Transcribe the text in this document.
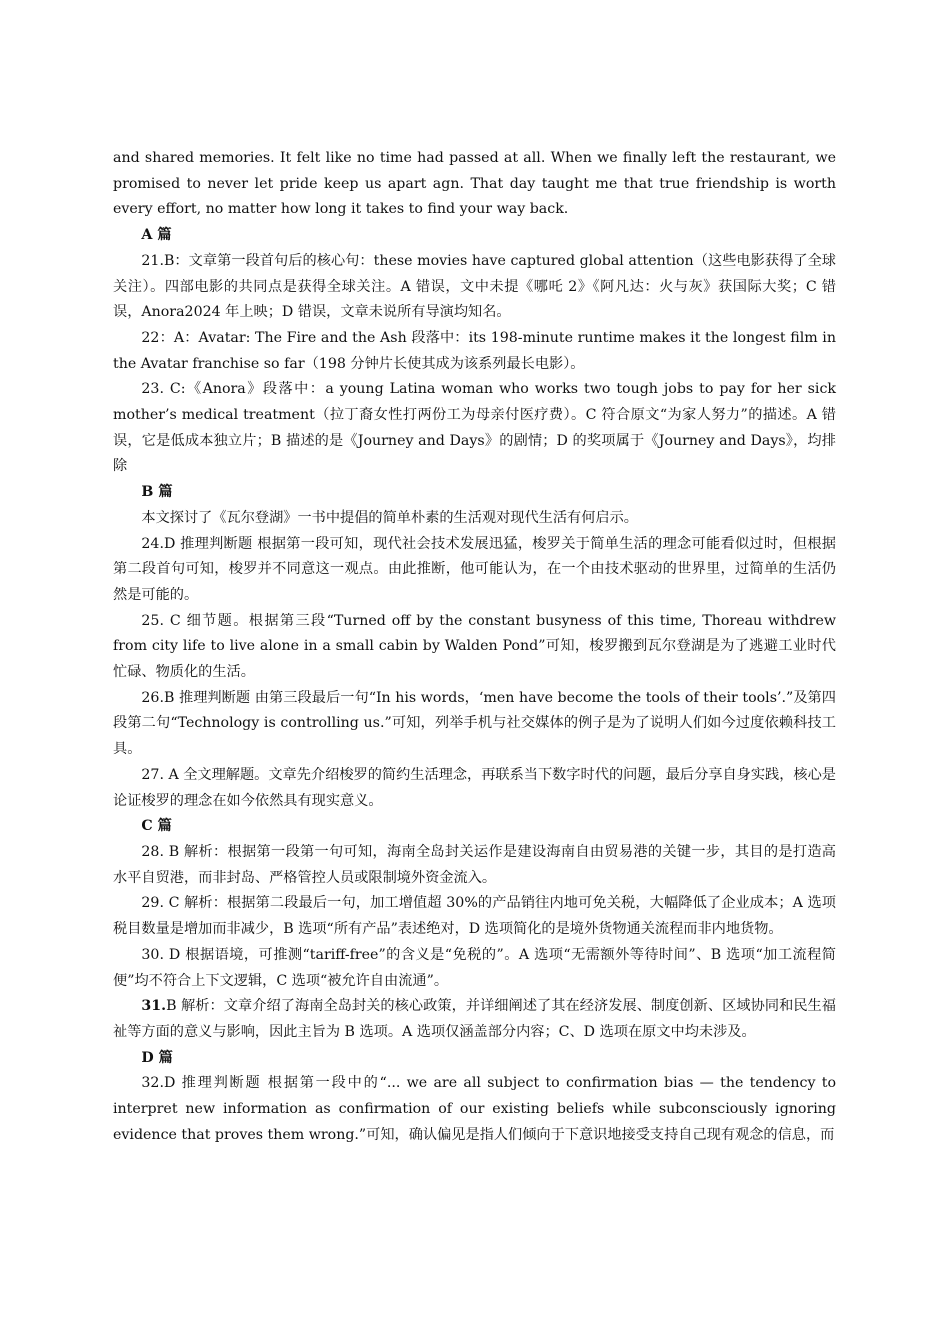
and shared memories. It felt like no time had passed at all. When we finally left the restaurant, we promised to never let pride keep us apart agn. That day taught me that true friendship is worth every effort, no matter how long it takes to find your way back.

A 篇

21.B：文章第一段首句后的核心句：these movies have captured global attention（这些电影获得了全球关注）。四部电影的共同点是获得全球关注。A 错误，文中未提《哪吒 2》《阿凡达：火与灰》获国际大奖；C 错误，Anora2024 年上映；D 错误，文章未说所有导演均知名。

22：A：Avatar: The Fire and the Ash 段落中：its 198-minute runtime makes it the longest film in the Avatar franchise so far（198 分钟片长使其成为该系列最长电影）。

23. C:《Anora》段落中：a young Latina woman who works two tough jobs to pay for her sick mother’s medical treatment（拉丁裔女性打两份工为母亲付医疗费）。C 符合原文“为家人努力”的描述。A 错误，它是低成本独立片；B 描述的是《Journey and Days》的剧情；D 的奖项属于《Journey and Days》，均排除

B 篇

本文探讨了《瓦尔登湖》一书中提倡的简单朴素的生活观对现代生活有何启示。

24.D 推理判断题 根据第一段可知，现代社会技术发展迅猛，梭罗关于简单生活的理念可能看似过时，但根据第二段首句可知，梭罗并不同意这一观点。由此推断，他可能认为，在一个由技术驱动的世界里，过简单的生活仍然是可能的。

25. C 细节题。根据第三段“Turned off by the constant busyness of this time, Thoreau withdrew from city life to live alone in a small cabin by Walden Pond”可知，梭罗搬到瓦尔登湖是为了逃避工业时代忙碌、物质化的生活。

26.B 推理判断题 由第三段最后一句“In his words，‘men have become the tools of their tools’.”及第四段第二句“Technology is controlling us.”可知，列举手机与社交媒体的例子是为了说明人们如今过度依赖科技工具。

27. A 全文理解题。文章先介绍梭罗的简约生活理念，再联系当下数字时代的问题，最后分享自身实践，核心是论证梭罗的理念在如今依然具有现实意义。

C 篇

28. B 解析：根据第一段第一句可知，海南全岛封关运作是建设海南自由贸易港的关键一步，其目的是打造高水平自贸港，而非封岛、严格管控人员或限制境外资金流入。

29. C 解析：根据第二段最后一句，加工增值超 30%的产品销往内地可免关税，大幅降低了企业成本；A 选项税目数量是增加而非减少，B 选项“所有产品”表述绝对，D 选项简化的是境外货物通关流程而非内地货物。

30. D 根据语境，可推测“tariff-free”的含义是“免税的”。A 选项“无需额外等待时间”、B 选项“加工流程简便”均不符合上下文逻辑，C 选项“被允许自由流通”。

31.B 解析：文章介绍了海南全岛封关的核心政策，并详细阐述了其在经济发展、制度创新、区域协同和民生福祉等方面的意义与影响，因此主旨为 B 选项。A 选项仅涵盖部分内容；C、D 选项在原文中均未涉及。

D 篇

32.D 推理判断题 根据第一段中的“... we are all subject to confirmation bias — the tendency to interpret new information as confirmation of our existing beliefs while subconsciously ignoring evidence that proves them wrong.”可知，确认偏见是指人们倾向于下意识地接受支持自己现有观念的信息，而
